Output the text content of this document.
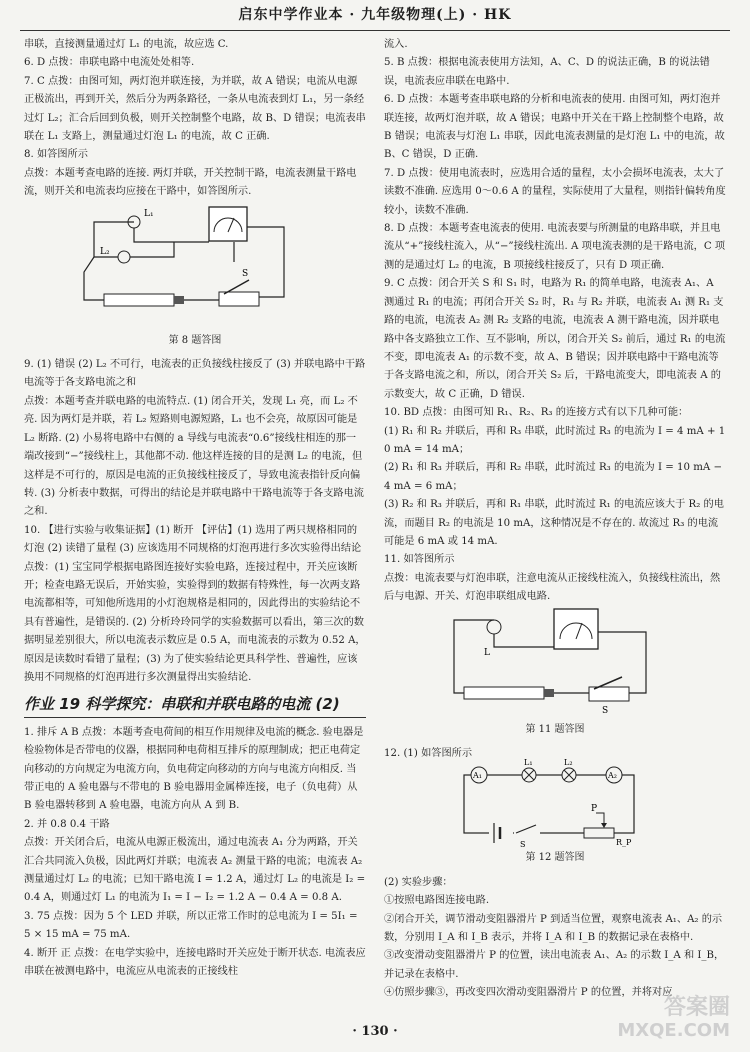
启东中学作业本 · 九年级物理(上) · HK

串联，直接测量通过灯 L₁ 的电流，故应选 C.

6. D 点拨：串联电路中电流处处相等.

7. C 点拨：由图可知，两灯泡并联连接，为并联，故 A 错误；电流从电源正极流出，再到开关，然后分为两条路径，一条从电流表到灯 L₁，另一条经过灯 L₂；汇合后回到负极，则开关控制整个电路，故 B、D 错误；电流表串联在 L₁ 支路上，测量通过灯泡 L₁ 的电流，故 C 正确.

8. 如答图所示

点拨：本题考查电路的连接. 两灯并联，开关控制干路，电流表测量干路电流，则开关和电流表均应接在干路中，如答图所示.

L₁
L₂
S
第 8 题答图

9. (1) 错误 (2) L₂ 不可行，电流表的正负接线柱接反了 (3) 并联电路中干路电流等于各支路电流之和

点拨：本题考查并联电路的电流特点. (1) 闭合开关，发现 L₁ 亮，而 L₂ 不亮. 因为两灯是并联，若 L₂ 短路则电源短路，L₁ 也不会亮，故原因可能是 L₂ 断路. (2) 小易将电路中右侧的 a 导线与电流表“0.6”接线柱相连的那一端改接到“−”接线柱上，其他都不动. 他这样连接的目的是测 L₂ 的电流，但这样是不可行的，原因是电流的正负接线柱接反了，导致电流表指针反向偏转. (3) 分析表中数据，可得出的结论是并联电路中干路电流等于各支路电流之和.

10. 【进行实验与收集证据】(1) 断开 【评估】(1) 选用了两只规格相同的灯泡 (2) 读错了量程 (3) 应该选用不同规格的灯泡再进行多次实验得出结论

点拨：(1) 宝宝同学根据电路图连接好实验电路，连接过程中，开关应该断开；检查电路无误后，开始实验，实验得到的数据有特殊性，每一次两支路电流都相等，可知他所选用的小灯泡规格是相同的，因此得出的实验结论不具有普遍性，是错误的. (2) 分析玲玲同学的实验数据可以看出，第三次的数据明显差别很大，所以电流表示数应是 0.5 A，而电流表的示数为 0.52 A，原因是读数时看错了量程；(3) 为了使实验结论更具科学性、普遍性，应该换用不同规格的灯泡再进行多次测量得出实验结论.

作业 19 科学探究：串联和并联电路的电流 (2)

1. 排斥 A B 点拨：本题考查电荷间的相互作用规律及电流的概念. 验电器是检验物体是否带电的仪器，根据同种电荷相互排斥的原理制成；把正电荷定向移动的方向规定为电流方向，负电荷定向移动的方向与电流方向相反. 当带正电的 A 验电器与不带电的 B 验电器用金属棒连接，电子（负电荷）从 B 验电器转移到 A 验电器，电流方向从 A 到 B.

2. 并 0.8 0.4 干路

点拨：开关闭合后，电流从电源正极流出，通过电流表 A₁ 分为两路，开关汇合共同流入负极，因此两灯并联；电流表 A₂ 测量干路的电流；电流表 A₂ 测量通过灯 L₂ 的电流；已知干路电流 I = 1.2 A，通过灯 L₂ 的电流是 I₂ = 0.4 A，则通过灯 L₁ 的电流为 I₁ = I − I₂ = 1.2 A − 0.4 A = 0.8 A.

3. 75 点拨：因为 5 个 LED 并联，所以正常工作时的总电流为 I = 5I₁ = 5 × 15 mA = 75 mA.

4. 断开 正 点拨：在电学实验中，连接电路时开关应处于断开状态. 电流表应串联在被测电路中，电流应从电流表的正接线柱

流入.

5. B 点拨：根据电流表使用方法知，A、C、D 的说法正确，B 的说法错误，电流表应串联在电路中.

6. D 点拨：本题考查串联电路的分析和电流表的使用. 由图可知，两灯泡并联连接，故两灯泡并联，故 A 错误；电路中开关在干路上控制整个电路，故 B 错误；电流表与灯泡 L₁ 串联，因此电流表测量的是灯泡 L₁ 中的电流，故 B、C 错误，D 正确.

7. D 点拨：使用电流表时，应选用合适的量程，太小会损坏电流表，太大了读数不准确. 应选用 0～0.6 A 的量程，实际使用了大量程，则指针偏转角度较小，读数不准确.

8. D 点拨：本题考查电流表的使用. 电流表要与所测量的电路串联，并且电流从“+”接线柱流入，从“−”接线柱流出. A 项电流表测的是干路电流，C 项测的是通过灯 L₂ 的电流，B 项接线柱接反了，只有 D 项正确.

9. C 点拨：闭合开关 S 和 S₁ 时，电路为 R₁ 的简单电路，电流表 A₁、A 测通过 R₁ 的电流；再闭合开关 S₂ 时，R₁ 与 R₂ 并联，电流表 A₁ 测 R₁ 支路的电流，电流表 A₂ 测 R₂ 支路的电流，电流表 A 测干路电流，因并联电路中各支路独立工作、互不影响，所以，闭合开关 S₂ 前后，通过 R₁ 的电流不变，即电流表 A₁ 的示数不变，故 A、B 错误；因并联电路中干路电流等于各支路电流之和，所以，闭合开关 S₂ 后，干路电流变大，即电流表 A 的示数变大，故 C 正确，D 错误.

10. BD 点拨：由图可知 R₁、R₂、R₃ 的连接方式有以下几种可能：

(1) R₁ 和 R₂ 并联后，再和 R₃ 串联，此时流过 R₃ 的电流为 I = 4 mA + 10 mA = 14 mA；

(2) R₁ 和 R₃ 并联后，再和 R₂ 串联，此时流过 R₃ 的电流为 I = 10 mA − 4 mA = 6 mA；

(3) R₂ 和 R₃ 并联后，再和 R₁ 串联，此时流过 R₁ 的电流应该大于 R₂ 的电流，而题目 R₂ 的电流是 10 mA，这种情况是不存在的. 故流过 R₃ 的电流可能是 6 mA 或 14 mA.

11. 如答图所示

点拨：电流表要与灯泡串联，注意电流从正接线柱流入，负接线柱流出，然后与电源、开关、灯泡串联组成电路.

L
S
第 11 题答图

12. (1) 如答图所示

A₁
L₁	L₂
A₂
S
P
R_P
第 12 题答图

(2) 实验步骤：

①按照电路图连接电路.

②闭合开关，调节滑动变阻器滑片 P 到适当位置，观察电流表 A₁、A₂ 的示数，分别用 I_A 和 I_B 表示，并将 I_A 和 I_B 的数据记录在表格中.

③改变滑动变阻器滑片 P 的位置，读出电流表 A₁、A₂ 的示数 I_A 和 I_B，并记录在表格中.

④仿照步骤③，再改变四次滑动变阻器滑片 P 的位置，并将对应

· 130 ·
答案圈
MXQE.COM
